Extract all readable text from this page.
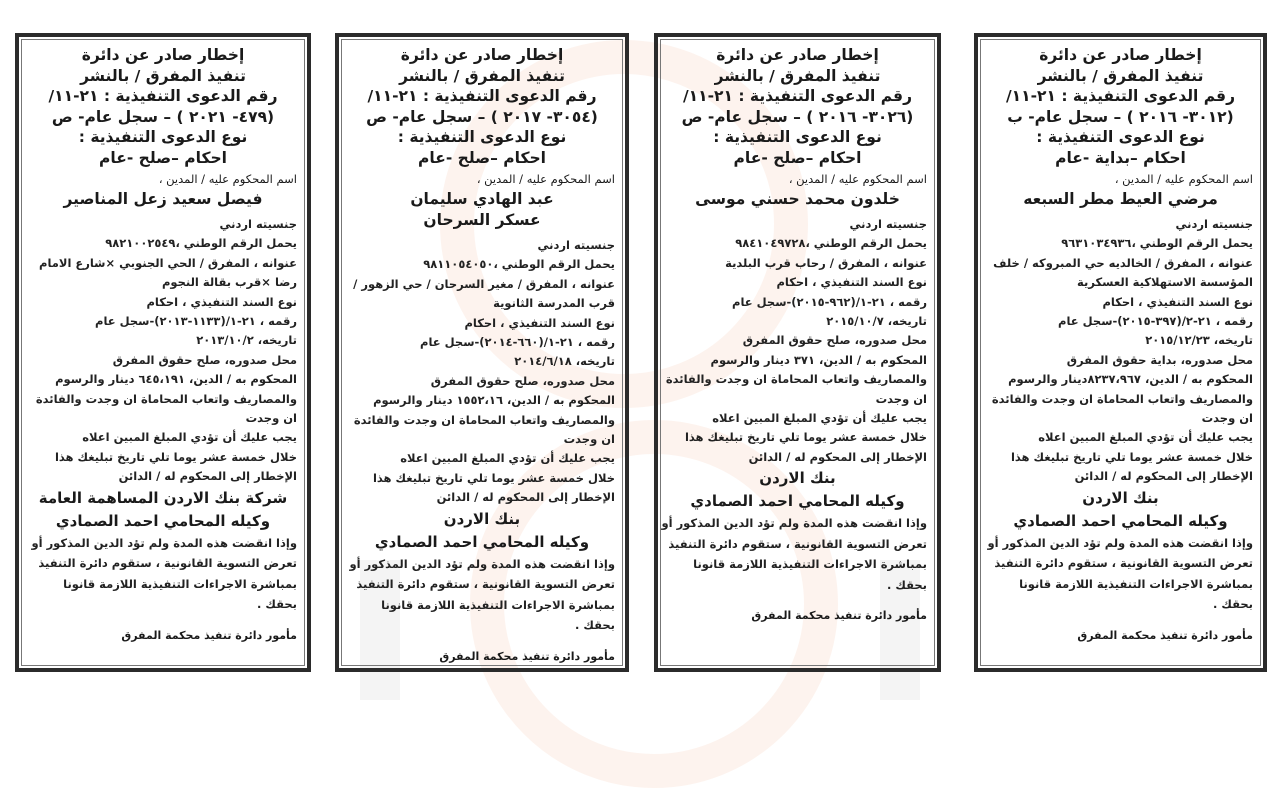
إخطار صادر عن دائرة
تنفيذ المفرق / بالنشر
رقم الدعوى التنفيذية : ٢١-١١/
(٤٧٩- ٢٠٢١ ) – سجل عام- ص
نوع الدعوى التنفيذية :
احكام –صلح -عام
اسم المحكوم عليه / المدين ،
فيصل سعيد زعل المناصير
جنسيته اردني
يحمل الرقم الوطني ،٩٨٢١٠٠٢٥٤٩
عنوانه ، المفرق / الحي الجنوبي ×شارع الامام
رضا ×قرب بقالة النجوم
نوع السند التنفيذي ، احكام
رقمه ، ٢١-١/(١١٣٣-٢٠١٣)-سجل عام
تاريخه، ٢٠١٣/١٠/٢
محل صدوره، صلح حقوق المفرق
المحكوم به / الدين، ٦٤٥،١٩١ دينار والرسوم
والمصاريف واتعاب المحاماة ان وجدت والفائدة
ان وجدت
يجب عليك أن تؤدي المبلغ المبين اعلاه
خلال خمسة عشر يوما تلي تاريخ تبليغك هذا
الإخطار إلى المحكوم له / الدائن
شركة بنك الاردن المساهمة العامة
وكيله المحامي احمد الصمادي
وإذا انقضت هذه المدة ولم تؤد الدين المذكور أو
تعرض التسوية القانونية ، ستقوم دائرة التنفيذ
بمباشرة الاجراءات التنفيذية اللازمة قانونا
بحقك .
مأمور دائرة تنفيذ محكمة المفرق
إخطار صادر عن دائرة
تنفيذ المفرق / بالنشر
رقم الدعوى التنفيذية : ٢١-١١/
(٣٠٥٤- ٢٠١٧ ) – سجل عام- ص
نوع الدعوى التنفيذية :
احكام –صلح -عام
اسم المحكوم عليه / المدين ،
عبد الهادي سليمان
عسكر السرحان
جنسيته اردني
يحمل الرقم الوطني ،٩٨١١٠٥٤٠٥٠
عنوانه ، المفرق / مغير السرحان / حي الزهور /
قرب المدرسة الثانوية
نوع السند التنفيذي ، احكام
رقمه ، ٢١-١/(٦٦٠-٢٠١٤)-سجل عام
تاريخه، ٢٠١٤/٦/١٨
محل صدوره، صلح حقوق المفرق
المحكوم به / الدين، ١٥٥٢،١٦ دينار والرسوم
والمصاريف واتعاب المحاماة ان وجدت والفائدة
ان وجدت
يجب عليك أن تؤدي المبلغ المبين اعلاه
خلال خمسة عشر يوما تلي تاريخ تبليغك هذا
الإخطار إلى المحكوم له / الدائن
بنك الاردن
وكيله المحامي احمد الصمادي
وإذا انقضت هذه المدة ولم تؤد الدين المذكور أو
تعرض التسوية القانونية ، ستقوم دائرة التنفيذ
بمباشرة الاجراءات التنفيذية اللازمة قانونا
بحقك .
مأمور دائرة تنفيذ محكمة المفرق
إخطار صادر عن دائرة
تنفيذ المفرق / بالنشر
رقم الدعوى التنفيذية : ٢١-١١/
(٣٠٢٦- ٢٠١٦ ) – سجل عام- ص
نوع الدعوى التنفيذية :
احكام –صلح -عام
اسم المحكوم عليه / المدين ،
خلدون محمد حسني موسى
جنسيته اردني
يحمل الرقم الوطني ،٩٨٤١٠٤٩٧٢٨
عنوانه ، المفرق / رحاب قرب البلدية
نوع السند التنفيذي ، احكام
رقمه ، ٢١-١/(٩٦٢-٢٠١٥)-سجل عام
تاريخه، ٢٠١٥/١٠/٧
محل صدوره، صلح حقوق المفرق
المحكوم به / الدين، ٣٧١ دينار والرسوم
والمصاريف واتعاب المحاماة ان وجدت والفائدة
ان وجدت
يجب عليك أن تؤدي المبلغ المبين اعلاه
خلال خمسة عشر يوما تلي تاريخ تبليغك هذا
الإخطار إلى المحكوم له / الدائن
بنك الاردن
وكيله المحامي احمد الصمادي
وإذا انقضت هذه المدة ولم تؤد الدين المذكور أو
تعرض التسوية القانونية ، ستقوم دائرة التنفيذ
بمباشرة الاجراءات التنفيذية اللازمة قانونا
بحقك .
مأمور دائرة تنفيذ محكمة المفرق
إخطار صادر عن دائرة
تنفيذ المفرق / بالنشر
رقم الدعوى التنفيذية : ٢١-١١/
(٣٠١٢- ٢٠١٦ ) – سجل عام- ب
نوع الدعوى التنفيذية :
احكام –بداية -عام
اسم المحكوم عليه / المدين ،
مرضي العيط مطر السبعه
جنسيته اردني
يحمل الرقم الوطني ،٩٦٣١٠٣٤٩٣٦
عنوانه ، المفرق / الخالديه حي المبروكه / خلف
المؤسسة الاستهلاكية العسكرية
نوع السند التنفيذي ، احكام
رقمه ، ٢١-٢/(٣٩٧-٢٠١٥)-سجل عام
تاريخه، ٢٠١٥/١٢/٢٣
محل صدوره، بداية حقوق المفرق
المحكوم به / الدين، ٨٢٣٧،٩٦٧دينار والرسوم
والمصاريف واتعاب المحاماة ان وجدت والفائدة
ان وجدت
يجب عليك أن تؤدي المبلغ المبين اعلاه
خلال خمسة عشر يوما تلي تاريخ تبليغك هذا
الإخطار إلى المحكوم له / الدائن
بنك الاردن
وكيله المحامي احمد الصمادي
وإذا انقضت هذه المدة ولم تؤد الدين المذكور أو
تعرض التسوية القانونية ، ستقوم دائرة التنفيذ
بمباشرة الاجراءات التنفيذية اللازمة قانونا
بحقك .
مأمور دائرة تنفيذ محكمة المفرق
